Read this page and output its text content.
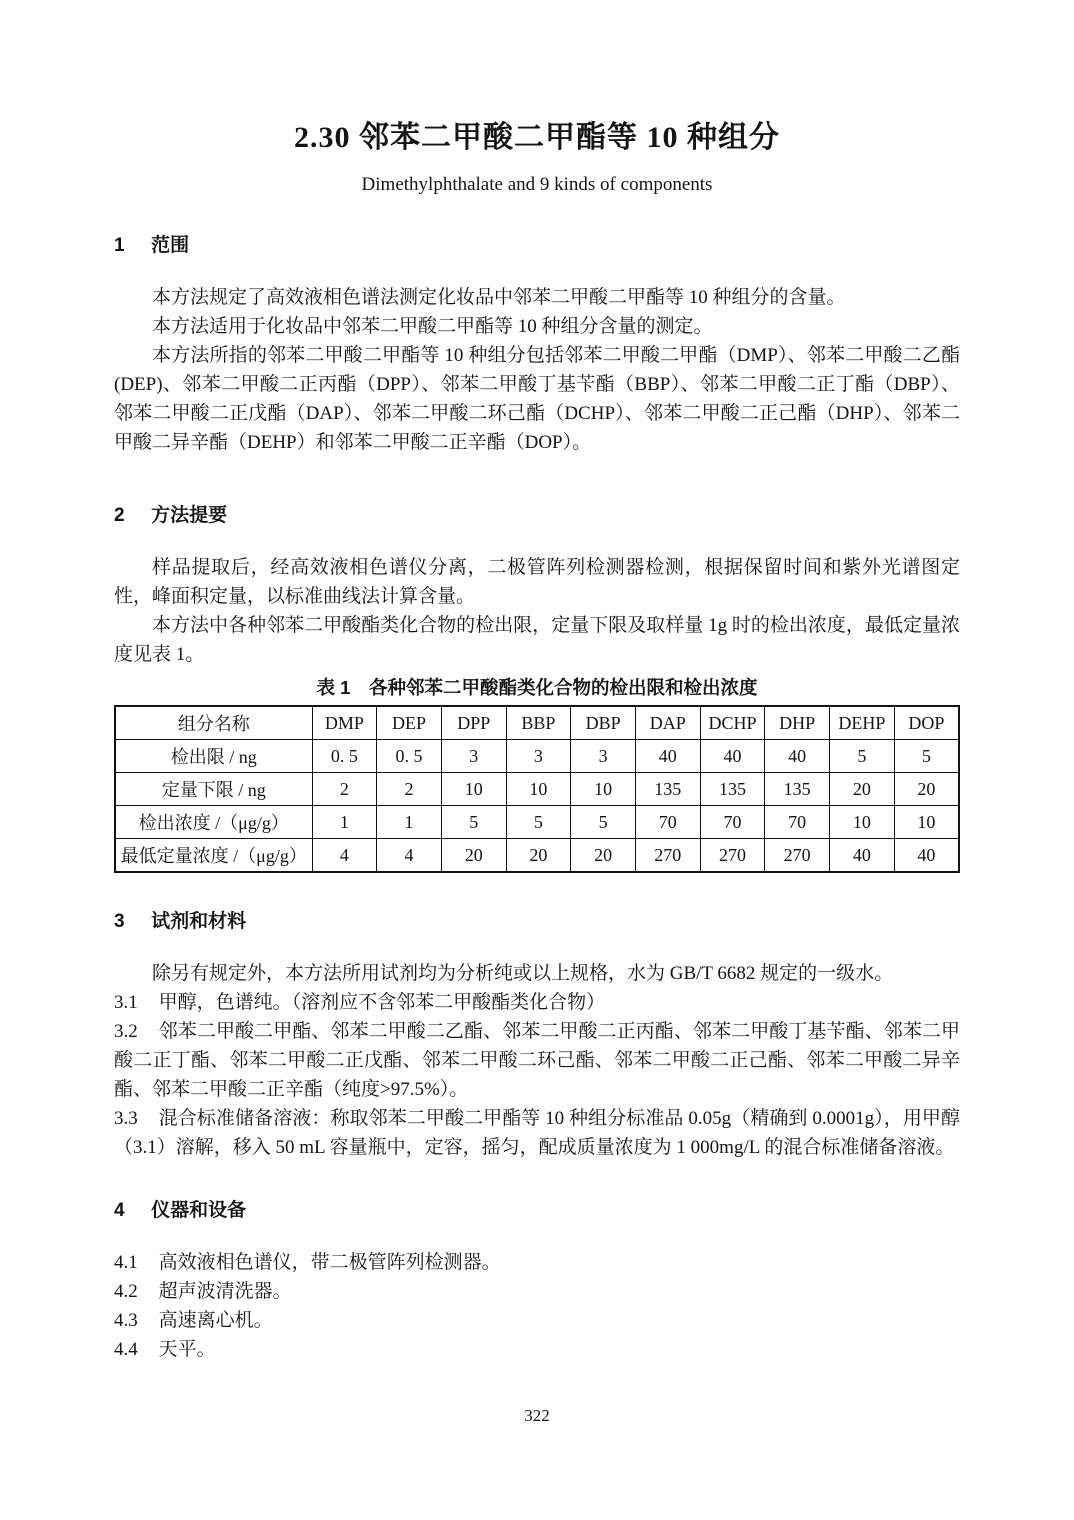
2.30 邻苯二甲酸二甲酯等 10 种组分
Dimethylphthalate and 9 kinds of components
1 范围

本方法规定了高效液相色谱法测定化妆品中邻苯二甲酸二甲酯等 10 种组分的含量。

本方法适用于化妆品中邻苯二甲酸二甲酯等 10 种组分含量的测定。

本方法所指的邻苯二甲酸二甲酯等 10 种组分包括邻苯二甲酸二甲酯（DMP）、邻苯二甲酸二乙酯 (DEP)、邻苯二甲酸二正丙酯（DPP）、邻苯二甲酸丁基苄酯（BBP）、邻苯二甲酸二正丁酯（DBP）、邻苯二甲酸二正戊酯（DAP）、邻苯二甲酸二环己酯（DCHP）、邻苯二甲酸二正己酯（DHP）、邻苯二甲酸二异辛酯（DEHP）和邻苯二甲酸二正辛酯（DOP）。

2 方法提要

样品提取后，经高效液相色谱仪分离，二极管阵列检测器检测，根据保留时间和紫外光谱图定性，峰面积定量，以标准曲线法计算含量。

本方法中各种邻苯二甲酸酯类化合物的检出限，定量下限及取样量 1g 时的检出浓度，最低定量浓度见表 1。

表 1 各种邻苯二甲酸酯类化合物的检出限和检出浓度
组分名称	DMP	DEP	DPP	BBP	DBP	DAP	DCHP	DHP	DEHP	DOP
检出限 / ng	0. 5	0. 5	3	3	3	40	40	40	5	5
定量下限 / ng	2	2	10	10	10	135	135	135	20	20
检出浓度 /（μg/g）	1	1	5	5	5	70	70	70	10	10
最低定量浓度 /（μg/g）	4	4	20	20	20	270	270	270	40	40
3 试剂和材料

除另有规定外，本方法所用试剂均为分析纯或以上规格，水为 GB/T 6682 规定的一级水。

3.1 甲醇，色谱纯。（溶剂应不含邻苯二甲酸酯类化合物）

3.2 邻苯二甲酸二甲酯、邻苯二甲酸二乙酯、邻苯二甲酸二正丙酯、邻苯二甲酸丁基苄酯、邻苯二甲酸二正丁酯、邻苯二甲酸二正戊酯、邻苯二甲酸二环己酯、邻苯二甲酸二正己酯、邻苯二甲酸二异辛酯、邻苯二甲酸二正辛酯（纯度>97.5%）。

3.3 混合标准储备溶液：称取邻苯二甲酸二甲酯等 10 种组分标准品 0.05g（精确到 0.0001g），用甲醇（3.1）溶解，移入 50 mL 容量瓶中，定容，摇匀，配成质量浓度为 1 000mg/L 的混合标准储备溶液。

4 仪器和设备

4.1 高效液相色谱仪，带二极管阵列检测器。

4.2 超声波清洗器。

4.3 高速离心机。

4.4 天平。

322
